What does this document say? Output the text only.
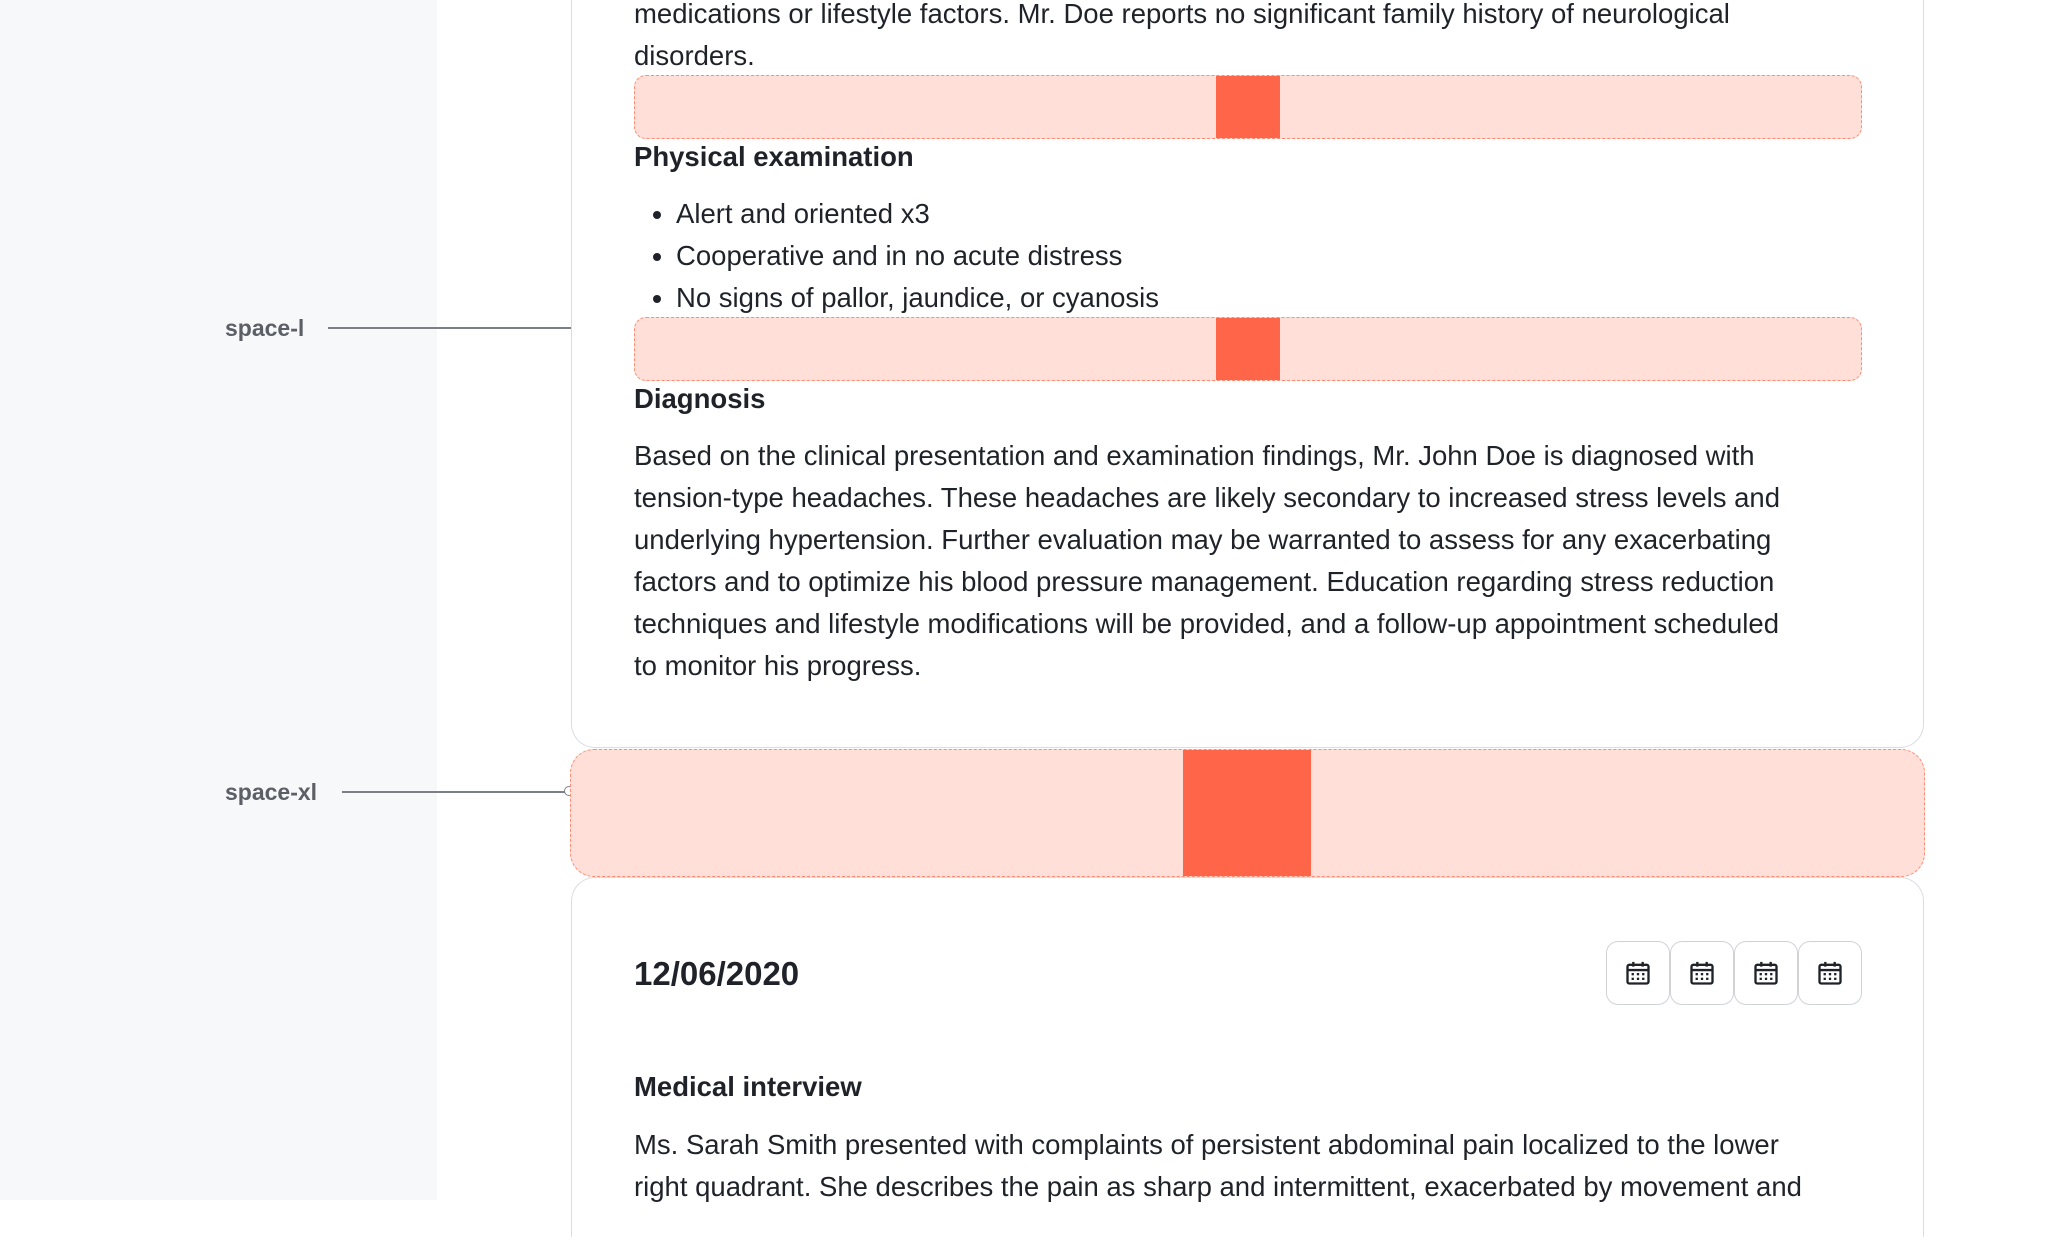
space-l
space-xl
medications or lifestyle factors. Mr. Doe reports no significant family history of neurological
disorders.
Physical examination
• Alert and oriented x3
• Cooperative and in no acute distress
• No signs of pallor, jaundice, or cyanosis
Diagnosis
Based on the clinical presentation and examination findings, Mr. John Doe is diagnosed with
tension-type headaches. These headaches are likely secondary to increased stress levels and
underlying hypertension. Further evaluation may be warranted to assess for any exacerbating
factors and to optimize his blood pressure management. Education regarding stress reduction
techniques and lifestyle modifications will be provided, and a follow-up appointment scheduled
to monitor his progress.
12/06/2020
Medical interview
Ms. Sarah Smith presented with complaints of persistent abdominal pain localized to the lower
right quadrant. She describes the pain as sharp and intermittent, exacerbated by movement and
